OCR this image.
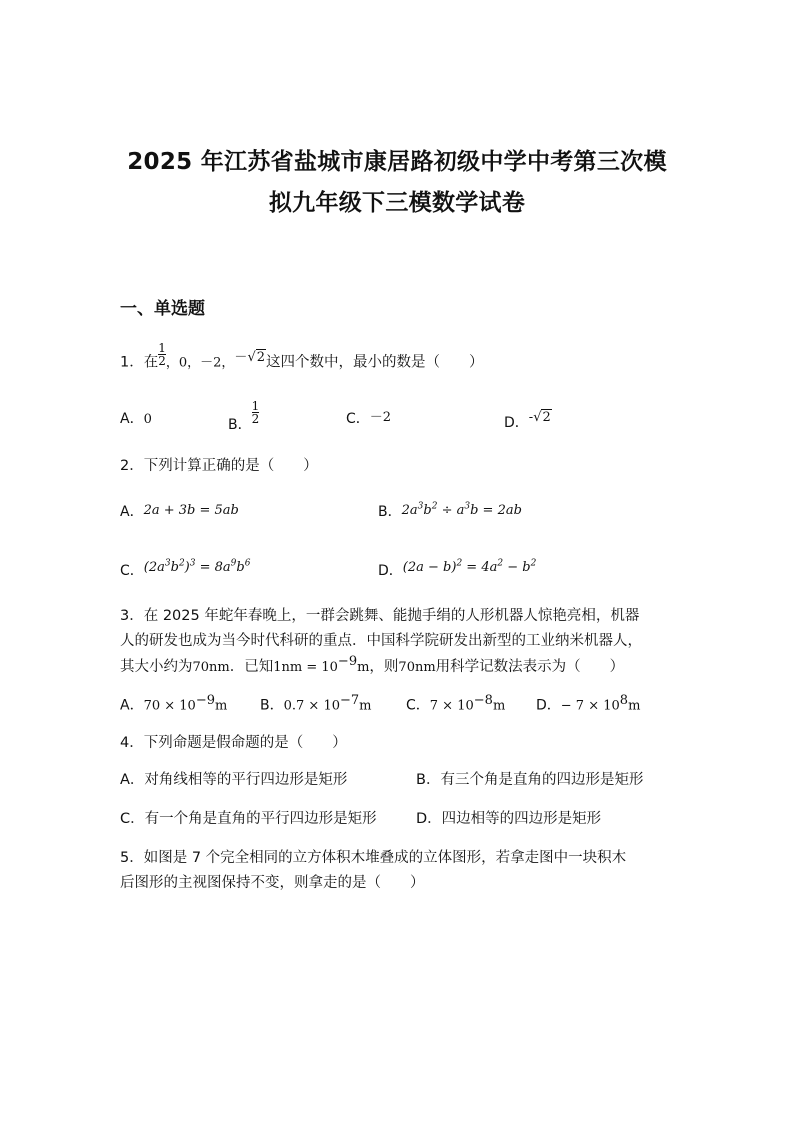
2025 年江苏省盐城市康居路初级中学中考第三次模
拟九年级下三模数学试卷
一、单选题
1．在$\frac{1}{2}$ ，0，－2，－√2这四个数中，最小的数是（　　）
A．0	B．$\frac{1}{2}$	C．－2	D．-√2
2．下列计算正确的是（　　）
A．2a + 3b = 5ab	B．$2a^3b^2 \div a^3b = 2ab$
C．$(2a^3b^2)^3 = 8a^9b^6$	D．$(2a - b)^2 = 4a^2 - b^2$
3．在 2025 年蛇年春晚上，一群会跳舞、能抛手绢的人形机器人惊艳亮相，机器
人的研发也成为当今时代科研的重点．中国科学院研发出新型的工业纳米机器人，
其大小约为70nm．已知$1nm = 10^{-9}m$，则70nm用科学记数法表示为（　　）
A．$70 \times 10^{-9}m$ B．$0.7 \times 10^{-7}m$ C．$7 \times 10^{-8}m$ D．− $7 \times 10^8m$
4．下列命题是假命题的是（　　）
A．对角线相等的平行四边形是矩形	B．有三个角是直角的四边形是矩形
C．有一个角是直角的平行四边形是矩形	D．四边相等的四边形是矩形
5．如图是 7 个完全相同的立方体积木堆叠成的立体图形，若拿走图中一块积木
后图形的主视图保持不变，则拿走的是（　　）
